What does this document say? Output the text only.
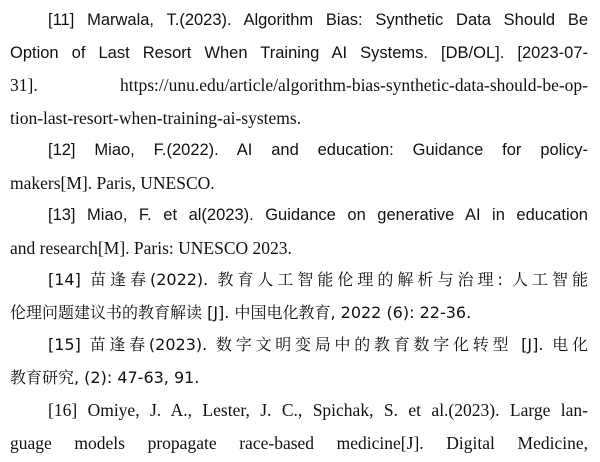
[11] Marwala, T.(2023). Algorithm Bias: Synthetic Data Should Be
Option of Last Resort When Training AI Systems. [DB/OL]. [2023-07-
31]. https://unu.edu/article/algorithm-bias-synthetic-data-should-be-op-
tion-last-resort-when-training-ai-systems.
[12] Miao, F.(2022). AI and education: Guidance for policy-
makers[M]. Paris, UNESCO.
[13] Miao, F. et al(2023). Guidance on generative AI in education
and research[M]. Paris: UNESCO 2023.
[14] 苗逢春(2022). 教育人工智能伦理的解析与治理: 人工智能
伦理问题建议书的教育解读 [J]. 中国电化教育, 2022 (6): 22-36.
[15] 苗逢春(2023). 数字文明变局中的教育数字化转型 [J]. 电化
教育研究, (2): 47-63, 91.
[16] Omiye, J. A., Lester, J. C., Spichak, S. et al.(2023). Large lan-
guage models propagate race-based medicine[J]. Digital Medicine,
